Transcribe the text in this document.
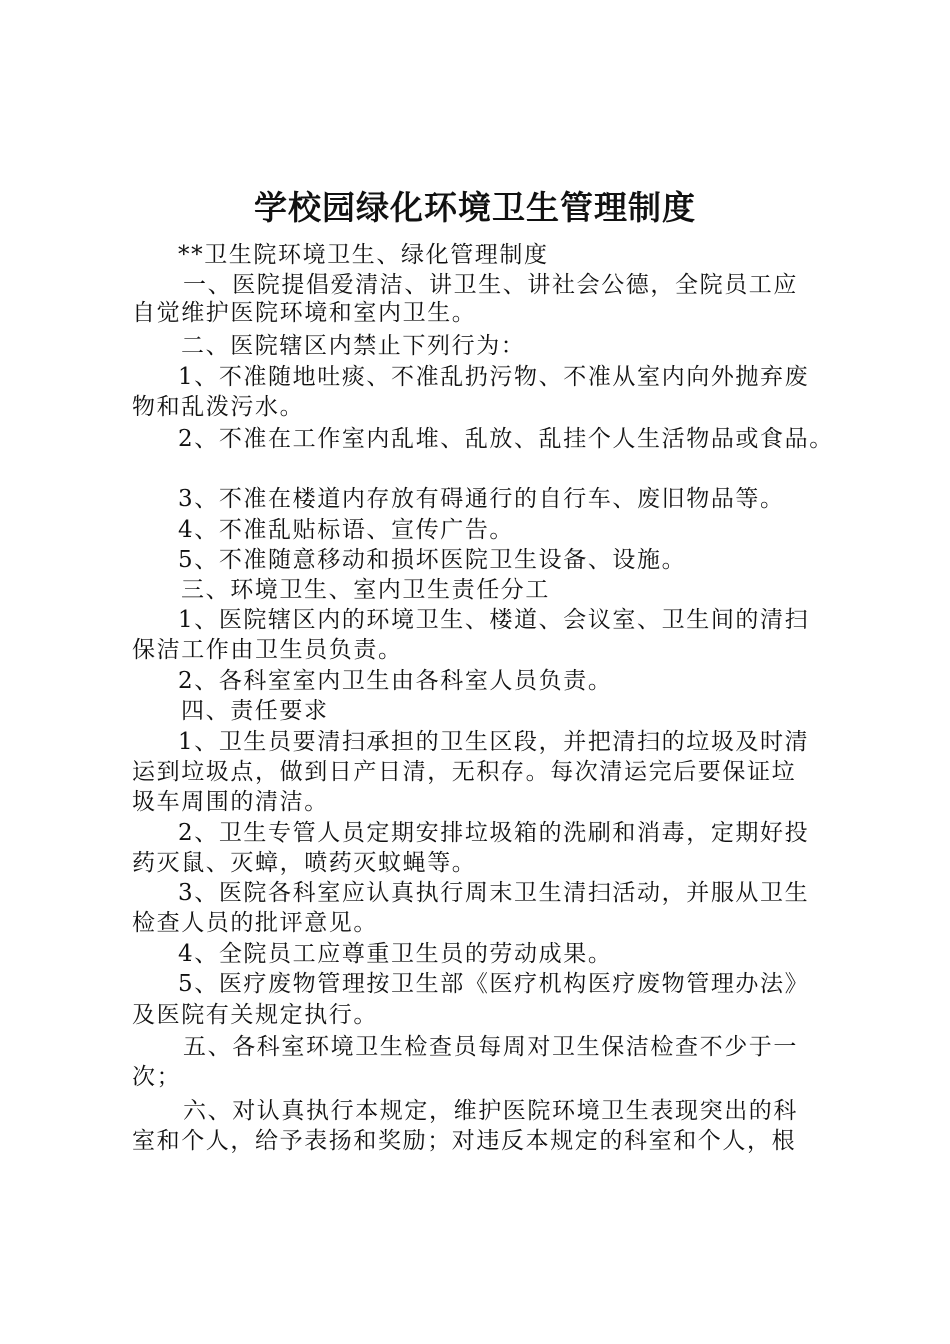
学校园绿化环境卫生管理制度
**卫生院环境卫生、绿化管理制度
一、医院提倡爱清洁、讲卫生、讲社会公德，全院员工应
自觉维护医院环境和室内卫生。
二、医院辖区内禁止下列行为：
1、不准随地吐痰、不准乱扔污物、不准从室内向外抛弃废
物和乱泼污水。
2、不准在工作室内乱堆、乱放、乱挂个人生活物品或食品。
3、不准在楼道内存放有碍通行的自行车、废旧物品等。
4、不准乱贴标语、宣传广告。
5、不准随意移动和损坏医院卫生设备、设施。
三、环境卫生、室内卫生责任分工
1、医院辖区内的环境卫生、楼道、会议室、卫生间的清扫
保洁工作由卫生员负责。
2、各科室室内卫生由各科室人员负责。
四、责任要求
1、卫生员要清扫承担的卫生区段，并把清扫的垃圾及时清
运到垃圾点，做到日产日清，无积存。每次清运完后要保证垃
圾车周围的清洁。
2、卫生专管人员定期安排垃圾箱的洗刷和消毒，定期好投
药灭鼠、灭蟑，喷药灭蚊蝇等。
3、医院各科室应认真执行周末卫生清扫活动，并服从卫生
检查人员的批评意见。
4、全院员工应尊重卫生员的劳动成果。
5、医疗废物管理按卫生部《医疗机构医疗废物管理办法》
及医院有关规定执行。
五、各科室环境卫生检查员每周对卫生保洁检查不少于一
次；
六、对认真执行本规定，维护医院环境卫生表现突出的科
室和个人，给予表扬和奖励；对违反本规定的科室和个人，根
